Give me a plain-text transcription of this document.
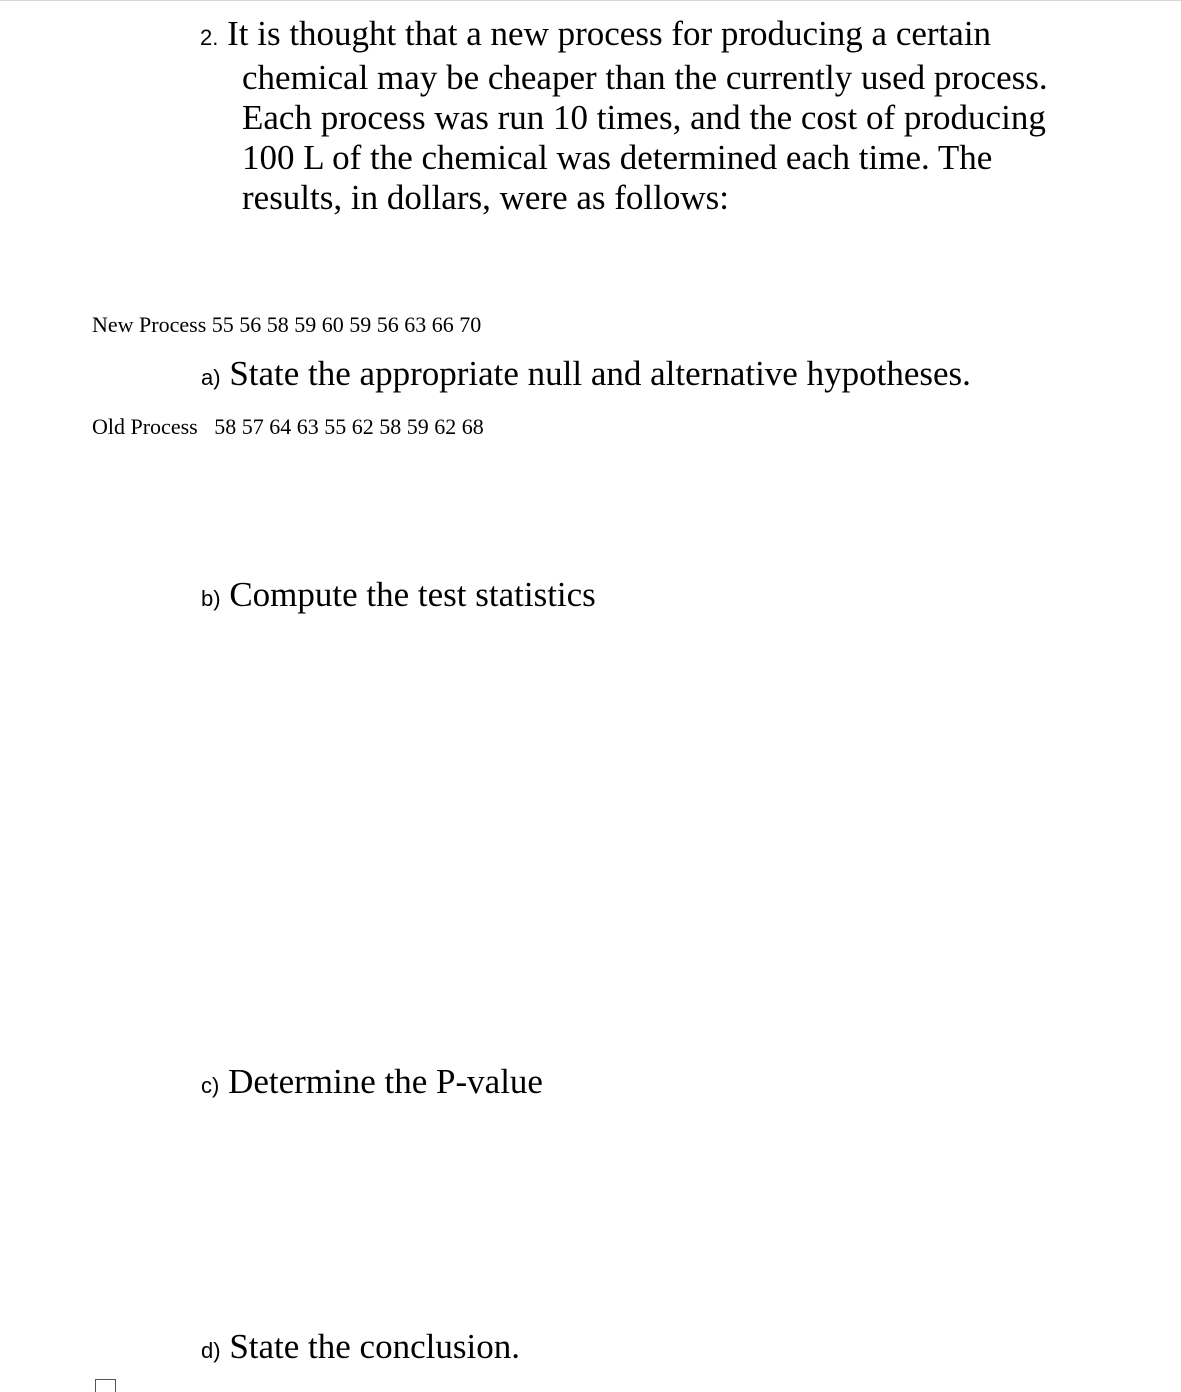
2. It is thought that a new process for producing a certain
chemical may be cheaper than the currently used process.
Each process was run 10 times, and the cost of producing
100 L of the chemical was determined each time. The
results, in dollars, were as follows:

New Process 55 56 58 59 60 59 56 63 66 70

Old Process 58 57 64 63 55 62 58 59 62 68

a) State the appropriate null and alternative hypotheses.
b) Compute the test statistics
c) Determine the P-value
d) State the conclusion.
